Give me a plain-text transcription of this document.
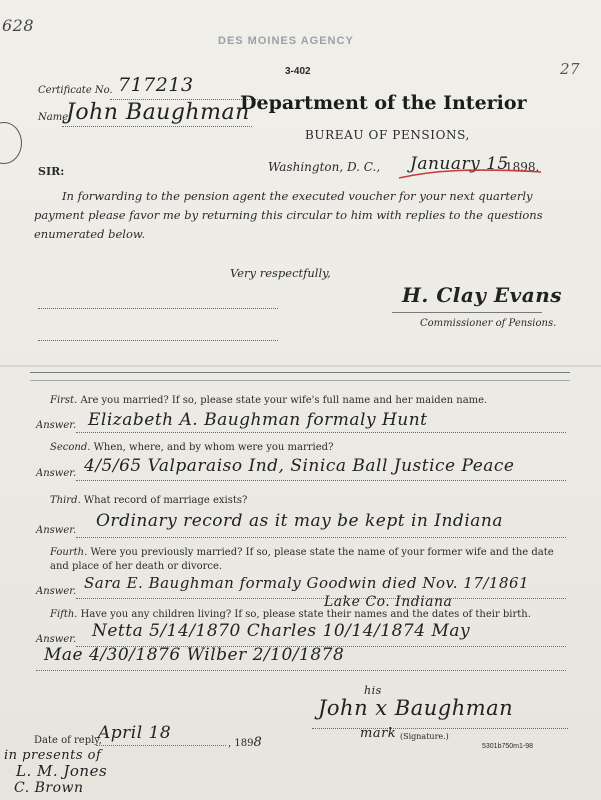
628
27
DES MOINES AGENCY
3-402
Certificate No. 717213
Name
John Baughman
Department of the Interior
BUREAU OF PENSIONS,
Washington, D. C., January 15
1898.
SIR:
In forwarding to the pension agent the executed voucher for your next quarterly payment please favor me by returning this circular to him with replies to the questions enumerated below.
Very respectfully,
H. Clay Evans
Commissioner of Pensions.
First. Are you married? If so, please state your wife's full name and her maiden name.
Answer. Elizabeth A. Baughman formaly Hunt
Second. When, where, and by whom were you married?
Answer. 4/5/65 Valparaiso Ind, Sinica Ball Justice Peace
Third. What record of marriage exists?
Answer. Ordinary record as it may be kept in Indiana
Fourth. Were you previously married? If so, please state the name of your former wife and the date and place of her death or divorce.
Answer. Sara E. Baughman formaly Goodwin died Nov. 17/1861
Lake Co. Indiana
Fifth. Have you any children living? If so, please state their names and the dates of their birth.
Answer. Netta 5/14/1870 Charles 10/14/1874 May
Mae 4/30/1876 Wilber 2/10/1878
Date of reply,
April 18
, 1898
his
John x Baughman
mark (Signature.)
5301b750m1-98
in presents of
L. M. Jones
C. Brown
